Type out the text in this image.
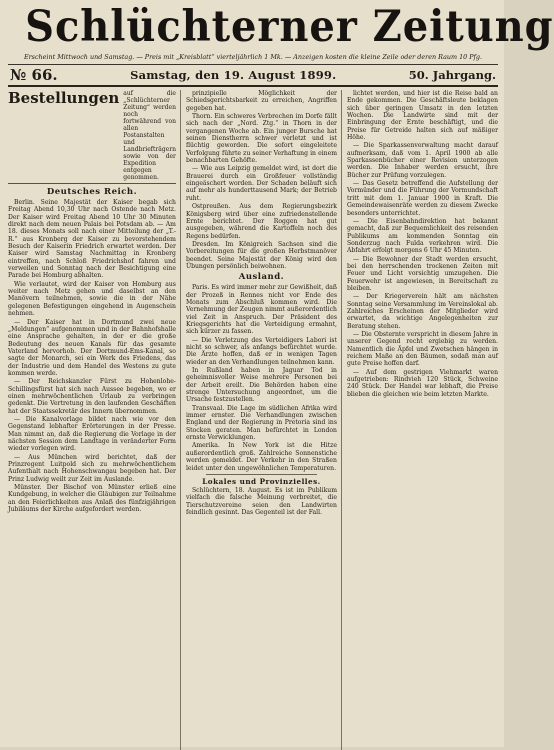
Schlüchterner Zeitung
Erscheint Mittwoch und Samstag. — Preis mit „Kreisblatt“ vierteljährlich 1 Mk. — Anzeigen kosten die kleine Zeile oder deren Raum 10 Pfg.
№ 66.	Samstag, den 19. August 1899.	50. Jahrgang.
Bestellungen auf die „Schlüchterner Zeitung“ werden noch fortwährend von allen Postanstalten und Landbriefträgern sowie von der Expedition entgegen genommen.
Deutsches Reich.

Berlin. Seine Majestät der Kaiser begab sich Freitag Abend 10,30 Uhr nach Ostende nach Metz. Der Kaiser wird Freitag Abend 10 Uhr 30 Minuten direkt nach dem neuen Palais bei Potsdam ab. — Am 18. dieses Monats soll nach einer Mitteilung der „T.-R.“ aus Kronberg der Kaiser zu bevorstehendem Besuch der Kaiserin Friedrich erwartet werden. Der Kaiser wird Samstag Nachmittag in Kronberg eintreffen, nach Schloß Friedrichshof fahren und verweilen und Sonntag nach der Besichtigung eine Parade bei Homburg abhalten.

Wie verlautet, wird der Kaiser von Homburg aus weiter nach Metz gehen und daselbst an den Manövern teilnehmen, sowie die in der Nähe gelegenen Befestigungen eingehend in Augenschein nehmen.

— Der Kaiser hat in Dortmund zwei neue „Meldungen“ aufgenommen und in der Bahnhofshalle eine Ansprache gehalten, in der er die große Bedeutung des neuen Kanals für das gesamte Vaterland hervorhob. Der Dortmund-Ems-Kanal, so sagte der Monarch, sei ein Werk des Friedens, das der Industrie und dem Handel des Westens zu gute kommen werde.

— Der Reichskanzler Fürst zu Hohenlohe-Schillingsfürst hat sich nach Aussee begeben, wo er einen mehrwöchentlichen Urlaub zu verbringen gedenkt. Die Vertretung in den laufenden Geschäften hat der Staatssekretär des Innern übernommen.

— Die Kanalvorlage bildet nach wie vor den Gegenstand lebhafter Erörterungen in der Presse. Man nimmt an, daß die Regierung die Vorlage in der nächsten Session dem Landtage in veränderter Form wieder vorlegen wird.

— Aus München wird berichtet, daß der Prinzregent Luitpold sich zu mehrwöchentlichem Aufenthalt nach Hohenschwangau begeben hat. Der Prinz Ludwig weilt zur Zeit im Auslande.

Münster. Der Bischof von Münster erließ eine Kundgebung, in welcher die Gläubigen zur Teilnahme an den Feierlichkeiten aus Anlaß des fünfzigjährigen Jubiläums der Kirche aufgefordert werden.

prinzipielle Möglichkeit der Schiedsgerichtsbarkeit zu erreichen, Angriffen gegeben hat.

Thorn. Ein schweres Verbrechen im Dorfe fällt sich nach der „Nord. Ztg.“ in Thorn in der vergangenen Woche ab. Ein junger Bursche hat seinen Dienstherrn schwer verletzt und ist flüchtig geworden. Die sofort eingeleitete Verfolgung führte zu seiner Verhaftung in einem benachbarten Gehöfte.

— Wie aus Leipzig gemeldet wird, ist dort die Brauerei durch ein Großfeuer vollständig eingeäschert worden. Der Schaden beläuft sich auf mehr als hunderttausend Mark; der Betrieb ruht.

Ostpreußen. Aus dem Regierungsbezirk Königsberg wird über eine zufriedenstellende Ernte berichtet. Der Roggen hat gut ausgegeben, während die Kartoffeln noch des Regens bedürfen.

Dresden. Im Königreich Sachsen sind die Vorbereitungen für die großen Herbstmanöver beendet. Seine Majestät der König wird den Übungen persönlich beiwohnen.

Ausland.

Paris. Es wird immer mehr zur Gewißheit, daß der Prozeß in Rennes nicht vor Ende des Monats zum Abschluß kommen wird. Die Vernehmung der Zeugen nimmt außerordentlich viel Zeit in Anspruch. Der Präsident des Kriegsgerichts hat die Verteidigung ermahnt, sich kürzer zu fassen.

— Die Verletzung des Verteidigers Labori ist nicht so schwer, als anfangs befürchtet wurde. Die Ärzte hoffen, daß er in wenigen Tagen wieder an den Verhandlungen teilnehmen kann.

In Rußland haben in Jaguar Tod in geheimnisvoller Weise mehrere Personen bei der Arbeit ereilt. Die Behörden haben eine strenge Untersuchung angeordnet, um die Ursache festzustellen.

Transvaal. Die Lage im südlichen Afrika wird immer ernster. Die Verhandlungen zwischen England und der Regierung in Pretoria sind ins Stocken geraten. Man befürchtet in London ernste Verwicklungen.

Amerika. In New York ist die Hitze außerordentlich groß. Zahlreiche Sonnenstiche werden gemeldet. Der Verkehr in den Straßen leidet unter den ungewöhnlichen Temperaturen.

Lokales und Provinzielles.

Schlüchtern, 18. August. Es ist im Publikum vielfach die falsche Meinung verbreitet, die Tierschutzvereine seien den Landwirten feindlich gesinnt. Das Gegenteil ist der Fall.

lichtet werden, und hier ist die Reise bald an Ende gekommen. Die Geschäftsleute beklagen sich über geringen Umsatz in den letzten Wochen. Die Landwirte sind mit der Einbringung der Ernte beschäftigt, und die Preise für Getreide halten sich auf mäßiger Höhe.

— Die Sparkassenverwaltung macht darauf aufmerksam, daß vom 1. April 1900 ab alle Sparkassenbücher einer Revision unterzogen werden. Die Inhaber werden ersucht, ihre Bücher zur Prüfung vorzulegen.

— Das Gesetz betreffend die Aufstellung der Vormünder und die Führung der Vormundschaft tritt mit dem 1. Januar 1900 in Kraft. Die Gemeindewaisenräte werden zu diesem Zwecke besonders unterrichtet.

— Die Eisenbahndirektion hat bekannt gemacht, daß zur Bequemlichkeit des reisenden Publikums am kommenden Sonntag ein Sonderzug nach Fulda verkehren wird. Die Abfahrt erfolgt morgens 6 Uhr 45 Minuten.

— Die Bewohner der Stadt werden ersucht, bei den herrschenden trockenen Zeiten mit Feuer und Licht vorsichtig umzugehen. Die Feuerwehr ist angewiesen, in Bereitschaft zu bleiben.

— Der Kriegerverein hält am nächsten Sonntag seine Versammlung im Vereinslokal ab. Zahlreiches Erscheinen der Mitglieder wird erwartet, da wichtige Angelegenheiten zur Beratung stehen.

— Die Obsternte verspricht in diesem Jahre in unserer Gegend recht ergiebig zu werden. Namentlich die Äpfel und Zwetschen hängen in reichem Maße an den Bäumen, sodaß man auf gute Preise hoffen darf.

— Auf dem gestrigen Viehmarkt waren aufgetrieben: Rindvieh 120 Stück, Schweine 240 Stück. Der Handel war lebhaft, die Preise blieben die gleichen wie beim letzten Markte.
